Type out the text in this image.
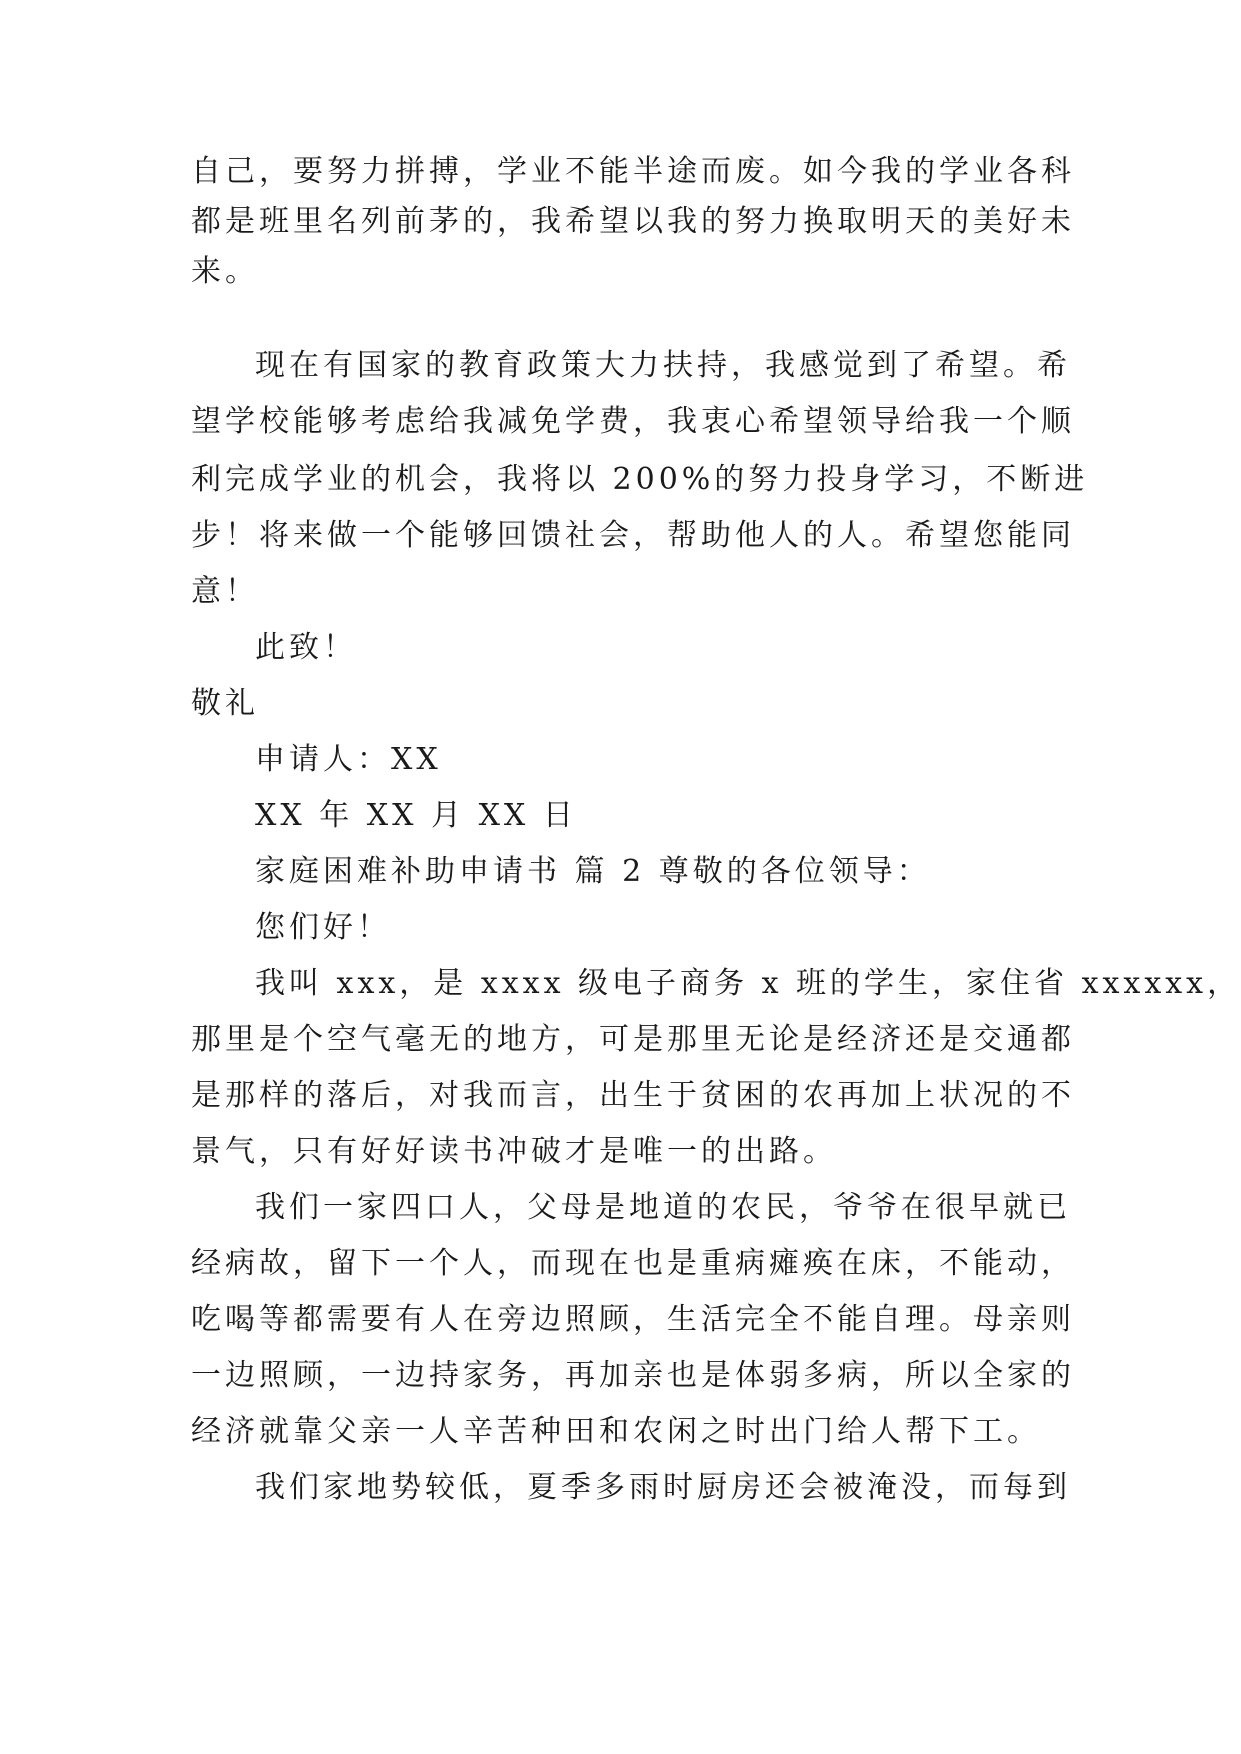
自己，要努力拼搏，学业不能半途而废。如今我的学业各科
都是班里名列前茅的，我希望以我的努力换取明天的美好未
来。
现在有国家的教育政策大力扶持，我感觉到了希望。希
望学校能够考虑给我减免学费，我衷心希望领导给我一个顺
利完成学业的机会，我将以 200%的努力投身学习，不断进
步！将来做一个能够回馈社会，帮助他人的人。希望您能同
意！
此致！
敬礼
申请人：XX
XX 年 XX 月 XX 日
家庭困难补助申请书 篇 2 尊敬的各位领导：
您们好！
我叫 xxx，是 xxxx 级电子商务 x 班的学生，家住省 xxxxxx，
那里是个空气毫无的地方，可是那里无论是经济还是交通都
是那样的落后，对我而言，出生于贫困的农再加上状况的不
景气，只有好好读书冲破才是唯一的出路。
我们一家四口人，父母是地道的农民，爷爷在很早就已
经病故，留下一个人，而现在也是重病瘫痪在床，不能动，
吃喝等都需要有人在旁边照顾，生活完全不能自理。母亲则
一边照顾，一边持家务，再加亲也是体弱多病，所以全家的
经济就靠父亲一人辛苦种田和农闲之时出门给人帮下工。
我们家地势较低，夏季多雨时厨房还会被淹没，而每到
